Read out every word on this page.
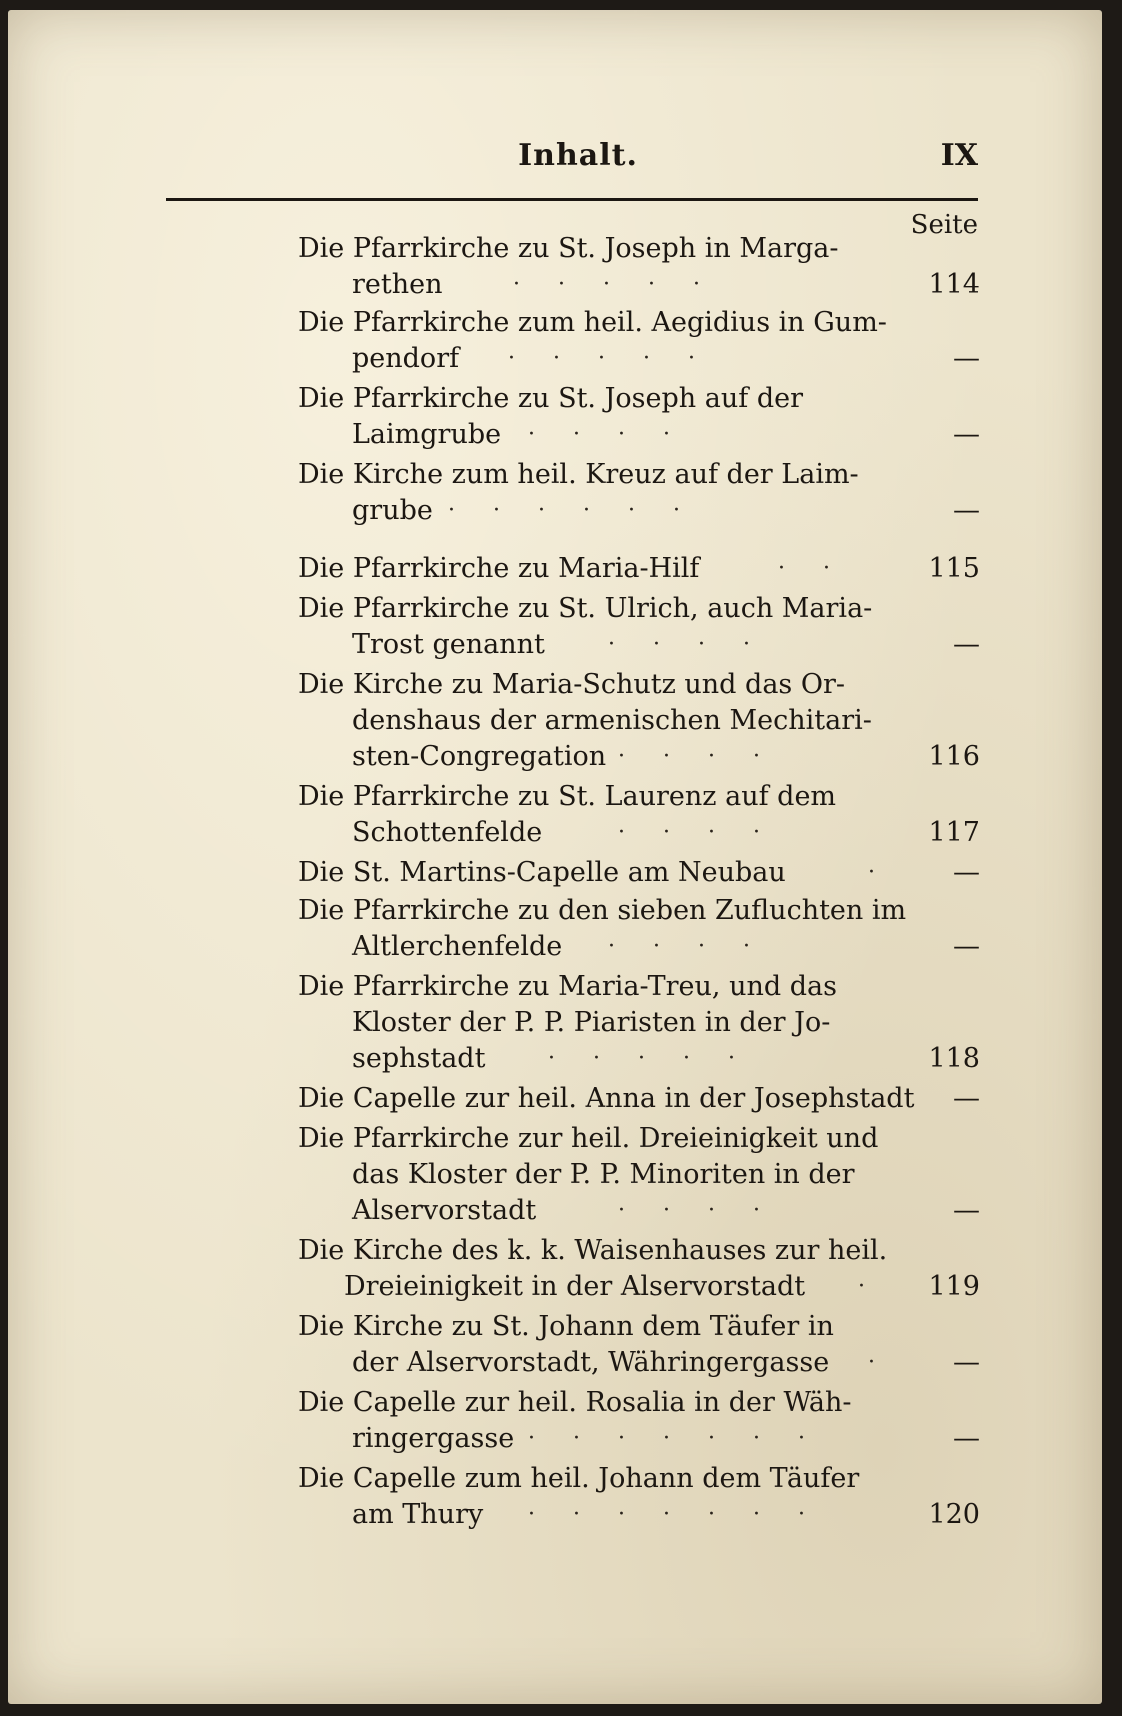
Inhalt.	IX
Seite
Die Pfarrkirche zu St. Joseph in Marga-
rethen	·····	114
Die Pfarrkirche zum heil. Aegidius in Gum-
pendorf ·····	—
Die Pfarrkirche zu St. Joseph auf der
Laimgrube ····	—
Die Kirche zum heil. Kreuz auf der Laim-
grube ······	—
Die Pfarrkirche zu Maria-Hilf	··	115
Die Pfarrkirche zu St. Ulrich, auch Maria-
Trost genannt	····	—
Die Kirche zu Maria-Schutz und das Or-
denshaus der armenischen Mechitari-
sten-Congregation ····	116
Die Pfarrkirche zu St. Laurenz auf dem
Schottenfelde	····	117
Die St. Martins-Capelle am Neubau	·	—
Die Pfarrkirche zu den sieben Zufluchten im
Altlerchenfelde ····	—
Die Pfarrkirche zu Maria-Treu, und das
Kloster der P. P. Piaristen in der Jo-
sephstadt	·····	118
Die Capelle zur heil. Anna in der Josephstadt	—
Die Pfarrkirche zur heil. Dreieinigkeit und
das Kloster der P. P. Minoriten in der
Alservorstadt	····	—
Die Kirche des k. k. Waisenhauses zur heil.
Dreieinigkeit in der Alservorstadt · 119
Die Kirche zu St. Johann dem Täufer in
der Alservorstadt, Währingergasse ·	—
Die Capelle zur heil. Rosalia in der Wäh-
ringergasse ·······	—
Die Capelle zum heil. Johann dem Täufer
am Thury ·······	120
